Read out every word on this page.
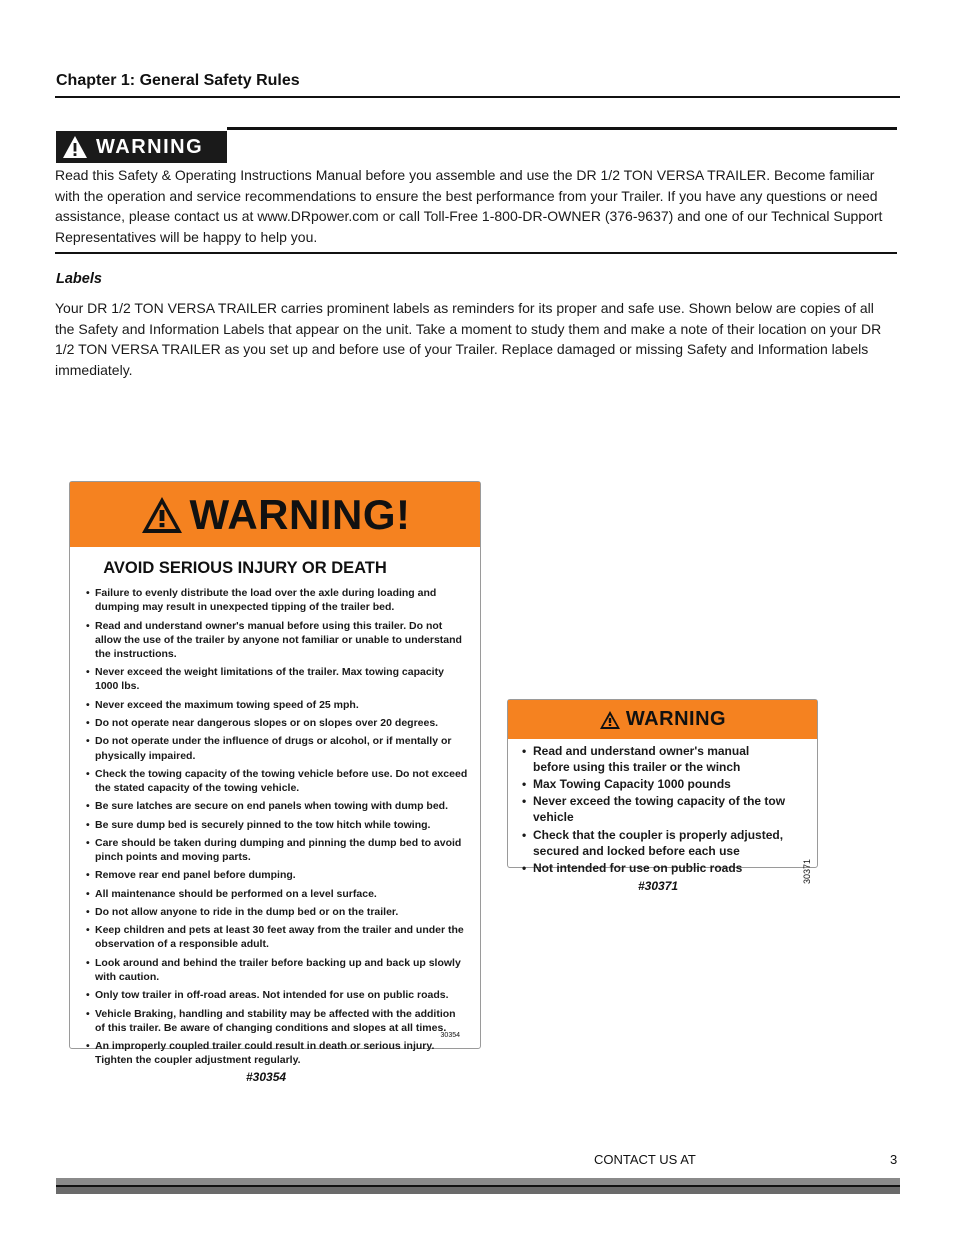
Chapter 1: General Safety Rules
WARNING
Read this Safety & Operating Instructions Manual before you assemble and use the DR 1/2 TON VERSA TRAILER. Become familiar with the operation and service recommendations to ensure the best performance from your Trailer. If you have any questions or need assistance, please contact us at www.DRpower.com or call Toll-Free 1-800-DR-OWNER (376-9637) and one of our Technical Support Representatives will be happy to help you.
Labels
Your DR 1/2 TON VERSA TRAILER carries prominent labels as reminders for its proper and safe use. Shown below are copies of all the Safety and Information Labels that appear on the unit. Take a moment to study them and make a note of their location on your DR 1/2 TON VERSA TRAILER as you set up and before use of your Trailer. Replace damaged or missing Safety and Information labels immediately.
WARNING!
AVOID SERIOUS INJURY OR DEATH
• Failure to evenly distribute the load over the axle during loading and dumping may result in unexpected tipping of the trailer bed.
• Read and understand owner's manual before using this trailer. Do not allow the use of the trailer by anyone not familiar or unable to understand the instructions.
• Never exceed the weight limitations of the trailer. Max towing capacity 1000 lbs.
• Never exceed the maximum towing speed of 25 mph.
• Do not operate near dangerous slopes or on slopes over 20 degrees.
• Do not operate under the influence of drugs or alcohol, or if mentally or physically impaired.
• Check the towing capacity of the towing vehicle before use. Do not exceed the stated capacity of the towing vehicle.
• Be sure latches are secure on end panels when towing with dump bed.
• Be sure dump bed is securely pinned to the tow hitch while towing.
• Care should be taken during dumping and pinning the dump bed to avoid pinch points and moving parts.
• Remove rear end panel before dumping.
• All maintenance should be performed on a level surface.
• Do not allow anyone to ride in the dump bed or on the trailer.
• Keep children and pets at least 30 feet away from the trailer and under the observation of a responsible adult.
• Look around and behind the trailer before backing up and back up slowly with caution.
• Only tow trailer in off-road areas. Not intended for use on public roads.
• Vehicle Braking, handling and stability may be affected with the addition of this trailer. Be aware of changing conditions and slopes at all times.
• An improperly coupled trailer could result in death or serious injury. Tighten the coupler adjustment regularly.
30354
#30354
WARNING
• Read and understand owner's manual before using this trailer or the winch
• Max Towing Capacity 1000 pounds
• Never exceed the towing capacity of the tow vehicle
• Check that the coupler is properly adjusted, secured and locked before each use
• Not intended for use on public roads	30371
#30371
CONTACT US AT	3
